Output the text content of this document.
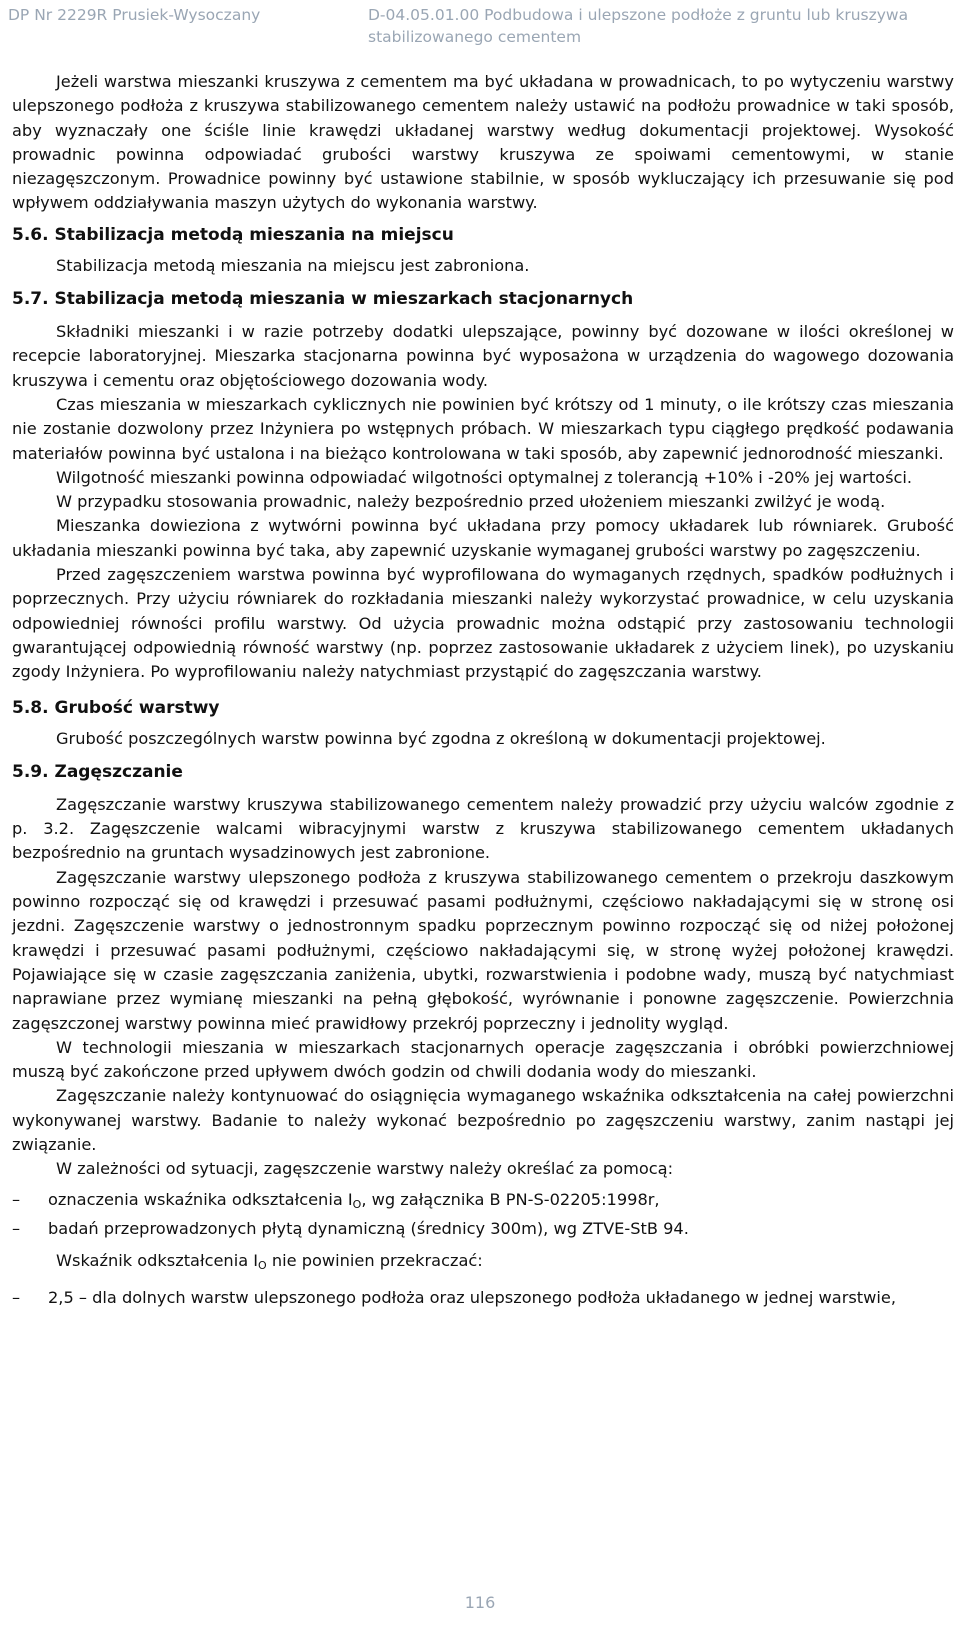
DP Nr 2229R Prusiek-Wysoczany	D-04.05.01.00 Podbudowa i ulepszone podłoże z gruntu lub kruszywa stabilizowanego cementem

Jeżeli warstwa mieszanki kruszywa z cementem ma być układana w prowadnicach, to po wytyczeniu warstwy ulepszonego podłoża z kruszywa stabilizowanego cementem należy ustawić na podłożu prowadnice w taki sposób, aby wyznaczały one ściśle linie krawędzi układanej warstwy według dokumentacji projektowej. Wysokość prowadnic powinna odpowiadać grubości warstwy kruszywa ze spoiwami cementowymi, w stanie niezagęszczonym. Prowadnice powinny być ustawione stabilnie, w sposób wykluczający ich przesuwanie się pod wpływem oddziaływania maszyn użytych do wykonania warstwy.

5.6. Stabilizacja metodą mieszania na miejscu

Stabilizacja metodą mieszania na miejscu jest zabroniona.

5.7. Stabilizacja metodą mieszania w mieszarkach stacjonarnych

Składniki mieszanki i w razie potrzeby dodatki ulepszające, powinny być dozowane w ilości określonej w recepcie laboratoryjnej. Mieszarka stacjonarna powinna być wyposażona w urządzenia do wagowego dozowania kruszywa i cementu oraz objętościowego dozowania wody.

Czas mieszania w mieszarkach cyklicznych nie powinien być krótszy od 1 minuty, o ile krótszy czas mieszania nie zostanie dozwolony przez Inżyniera po wstępnych próbach. W mieszarkach typu ciągłego prędkość podawania materiałów powinna być ustalona i na bieżąco kontrolowana w taki sposób, aby zapewnić jednorodność mieszanki.

Wilgotność mieszanki powinna odpowiadać wilgotności optymalnej z tolerancją +10% i -20% jej wartości.

W przypadku stosowania prowadnic, należy bezpośrednio przed ułożeniem mieszanki zwilżyć je wodą.

Mieszanka dowieziona z wytwórni powinna być układana przy pomocy układarek lub równiarek. Grubość układania mieszanki powinna być taka, aby zapewnić uzyskanie wymaganej grubości warstwy po zagęszczeniu.

Przed zagęszczeniem warstwa powinna być wyprofilowana do wymaganych rzędnych, spadków podłużnych i poprzecznych. Przy użyciu równiarek do rozkładania mieszanki należy wykorzystać prowadnice, w celu uzyskania odpowiedniej równości profilu warstwy. Od użycia prowadnic można odstąpić przy zastosowaniu technologii gwarantującej odpowiednią równość warstwy (np. poprzez zastosowanie układarek z użyciem linek), po uzyskaniu zgody Inżyniera. Po wyprofilowaniu należy natychmiast przystąpić do zagęszczania warstwy.

5.8. Grubość warstwy

Grubość poszczególnych warstw powinna być zgodna z określoną w dokumentacji projektowej.

5.9. Zagęszczanie

Zagęszczanie warstwy kruszywa stabilizowanego cementem należy prowadzić przy użyciu walców zgodnie z p. 3.2. Zagęszczenie walcami wibracyjnymi warstw z kruszywa stabilizowanego cementem układanych bezpośrednio na gruntach wysadzinowych jest zabronione.

Zagęszczanie warstwy ulepszonego podłoża z kruszywa stabilizowanego cementem o przekroju daszkowym powinno rozpocząć się od krawędzi i przesuwać pasami podłużnymi, częściowo nakładającymi się w stronę osi jezdni. Zagęszczenie warstwy o jednostronnym spadku poprzecznym powinno rozpocząć się od niżej położonej krawędzi i przesuwać pasami podłużnymi, częściowo nakładającymi się, w stronę wyżej położonej krawędzi. Pojawiające się w czasie zagęszczania zaniżenia, ubytki, rozwarstwienia i podobne wady, muszą być natychmiast naprawiane przez wymianę mieszanki na pełną głębokość, wyrównanie i ponowne zagęszczenie. Powierzchnia zagęszczonej warstwy powinna mieć prawidłowy przekrój poprzeczny i jednolity wygląd.

W technologii mieszania w mieszarkach stacjonarnych operacje zagęszczania i obróbki powierzchniowej muszą być zakończone przed upływem dwóch godzin od chwili dodania wody do mieszanki.

Zagęszczanie należy kontynuować do osiągnięcia wymaganego wskaźnika odkształcenia na całej powierzchni wykonywanej warstwy. Badanie to należy wykonać bezpośrednio po zagęszczeniu warstwy, zanim nastąpi jej związanie.

W zależności od sytuacji, zagęszczenie warstwy należy określać za pomocą:

– oznaczenia wskaźnika odkształcenia $I_O$, wg załącznika B PN-S-02205:1998r,
– badań przeprowadzonych płytą dynamiczną (średnicy 300m), wg ZTVE-StB 94.

Wskaźnik odkształcenia $I_O$ nie powinien przekraczać:

– 2,5 – dla dolnych warstw ulepszonego podłoża oraz ulepszonego podłoża układanego w jednej warstwie,
116
